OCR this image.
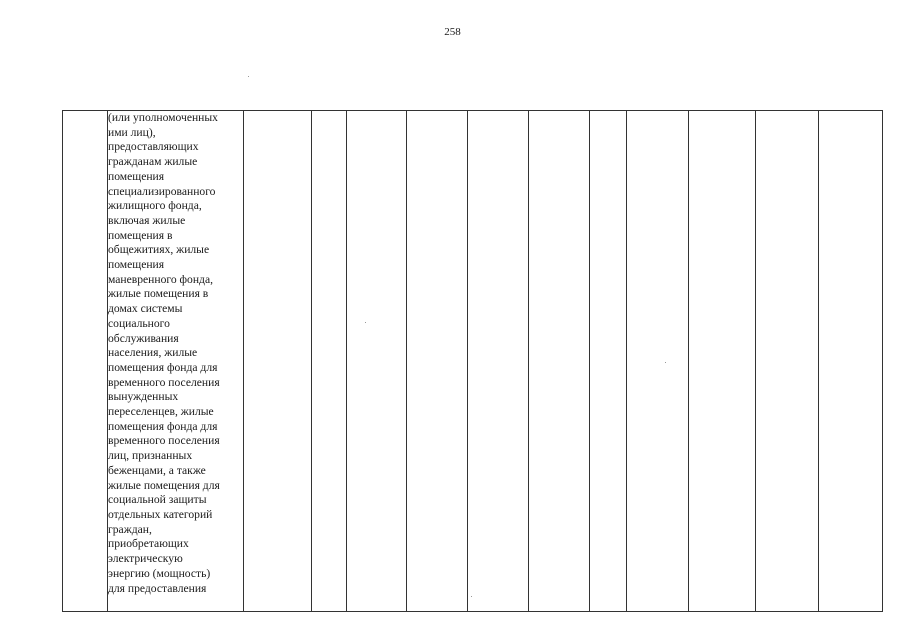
258
	(или уполномоченных
ими лиц),
предоставляющих
гражданам жилые
помещения
специализированного
жилищного фонда,
включая жилые
помещения в
общежитиях, жилые
помещения
маневренного фонда,
жилые помещения в
домах системы
социального
обслуживания
населения, жилые
помещения фонда для
временного поселения
вынужденных
переселенцев, жилые
помещения фонда для
временного поселения
лиц, признанных
беженцами, а также
жилые помещения для
социальной защиты
отдельных категорий
граждан,
приобретающих
электрическую
энергию (мощность)
для предоставления											
